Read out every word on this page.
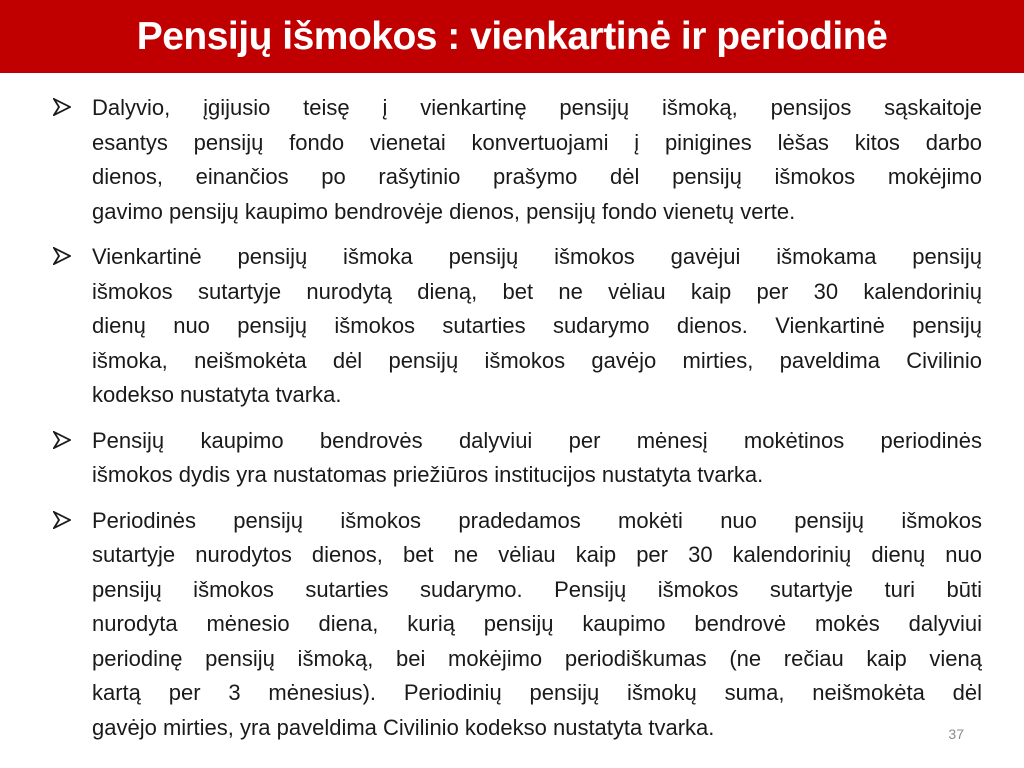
Pensijų išmokos : vienkartinė ir periodinė
Dalyvio, įgijusio teisę į vienkartinę pensijų išmoką, pensijos sąskaitoje
esantys pensijų fondo vienetai konvertuojami į pinigines lėšas kitos darbo
dienos, einančios po rašytinio prašymo dėl pensijų išmokos mokėjimo
gavimo pensijų kaupimo bendrovėje dienos, pensijų fondo vienetų verte.
Vienkartinė pensijų išmoka pensijų išmokos gavėjui išmokama pensijų
išmokos sutartyje nurodytą dieną, bet ne vėliau kaip per 30 kalendorinių
dienų nuo pensijų išmokos sutarties sudarymo dienos. Vienkartinė pensijų
išmoka, neišmokėta dėl pensijų išmokos gavėjo mirties, paveldima Civilinio
kodekso nustatyta tvarka.
Pensijų kaupimo bendrovės dalyviui per mėnesį mokėtinos periodinės
išmokos dydis yra nustatomas priežiūros institucijos nustatyta tvarka.
Periodinės pensijų išmokos pradedamos mokėti nuo pensijų išmokos
sutartyje nurodytos dienos, bet ne vėliau kaip per 30 kalendorinių dienų nuo
pensijų išmokos sutarties sudarymo. Pensijų išmokos sutartyje turi būti
nurodyta mėnesio diena, kurią pensijų kaupimo bendrovė mokės dalyviui
periodinę pensijų išmoką, bei mokėjimo periodiškumas (ne rečiau kaip vieną
kartą per 3 mėnesius). Periodinių pensijų išmokų suma, neišmokėta dėl
gavėjo mirties, yra paveldima Civilinio kodekso nustatyta tvarka.	37
